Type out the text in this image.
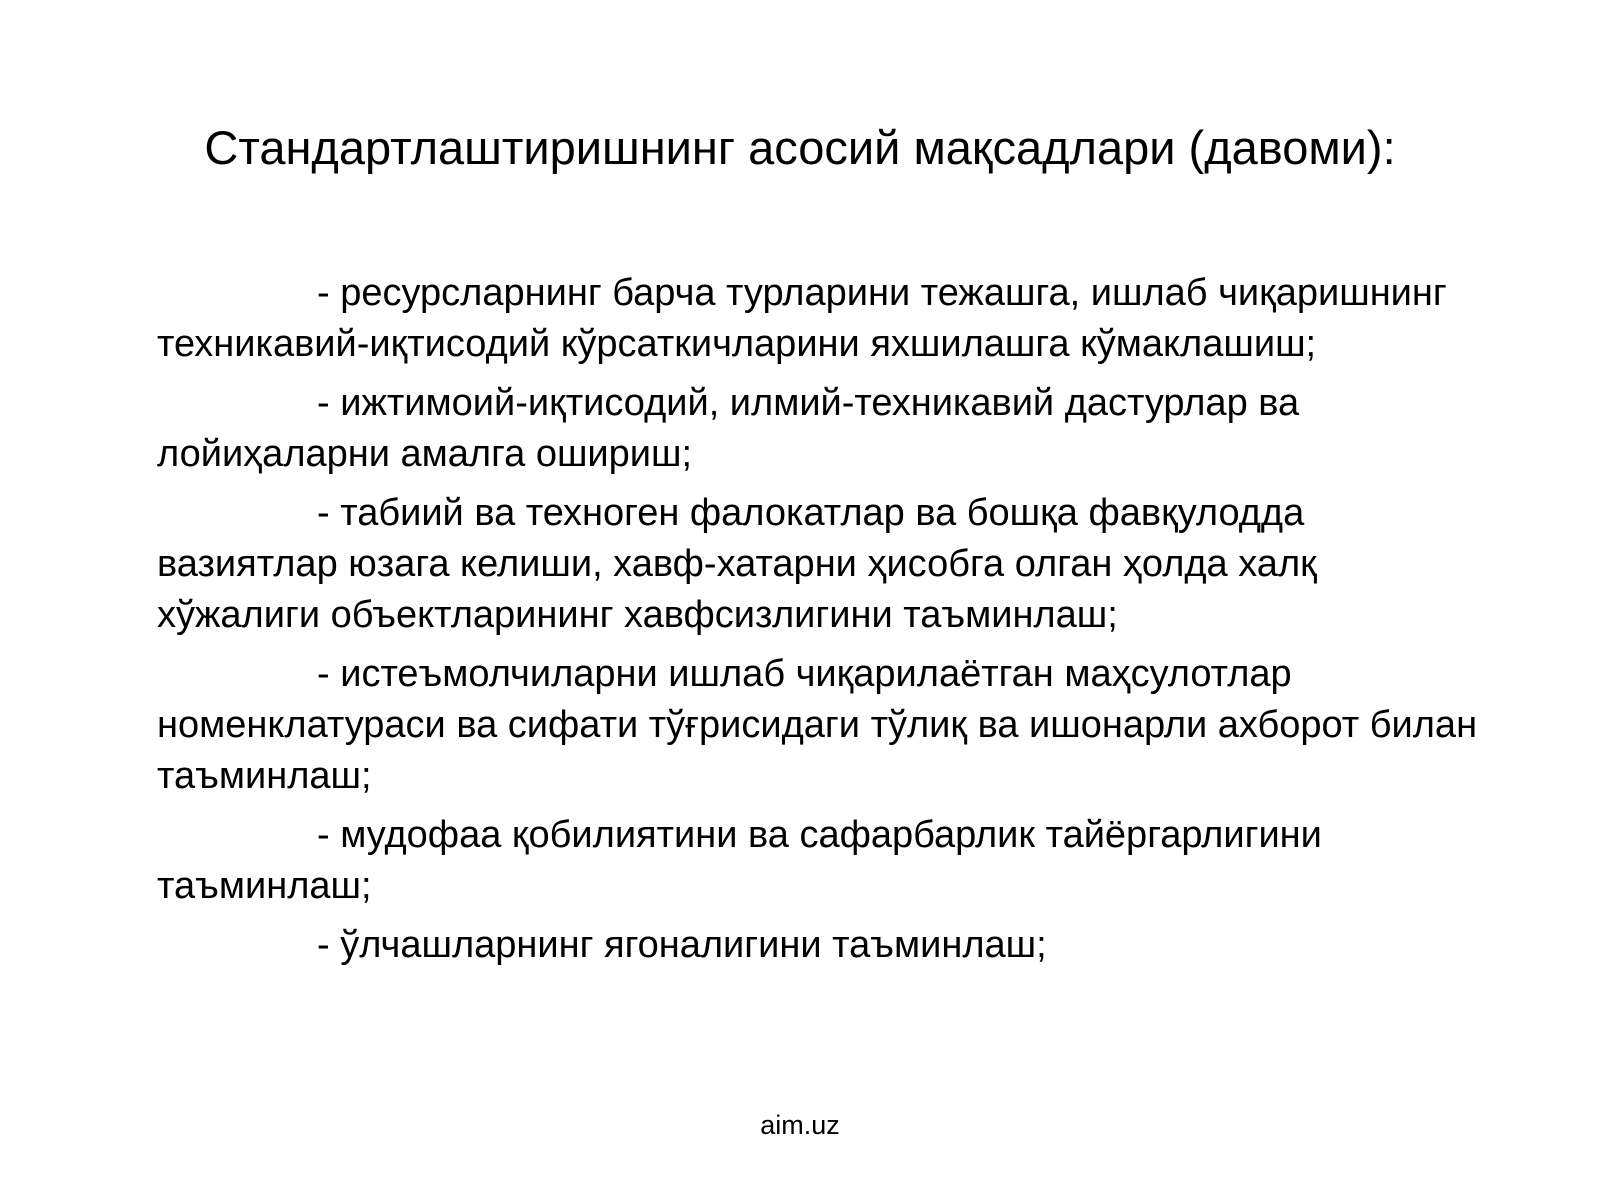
Стандартлаштиришнинг асосий мақсадлари (давоми):

- ресурсларнинг барча турларини тежашга, ишлаб чиқаришнинг техникавий-иқтисодий кўрсаткичларини яхшилашга кўмаклашиш;

- ижтимоий-иқтисодий, илмий-техникавий дастурлар ва лойиҳаларни амалга ошириш;

- табиий ва техноген фалокатлар ва бошқа фавқулодда вазиятлар юзага келиши, хавф-хатарни ҳисобга олган ҳолда халқ хўжалиги объектларининг хавфсизлигини таъминлаш;

- истеъмолчиларни ишлаб чиқарилаётган маҳсулотлар номенклатураси ва сифати тўғрисидаги тўлиқ ва ишонарли ахборот билан таъминлаш;

- мудофаа қобилиятини ва сафарбарлик тайёргарлигини таъминлаш;

- ўлчашларнинг ягоналигини таъминлаш;

aim.uz
